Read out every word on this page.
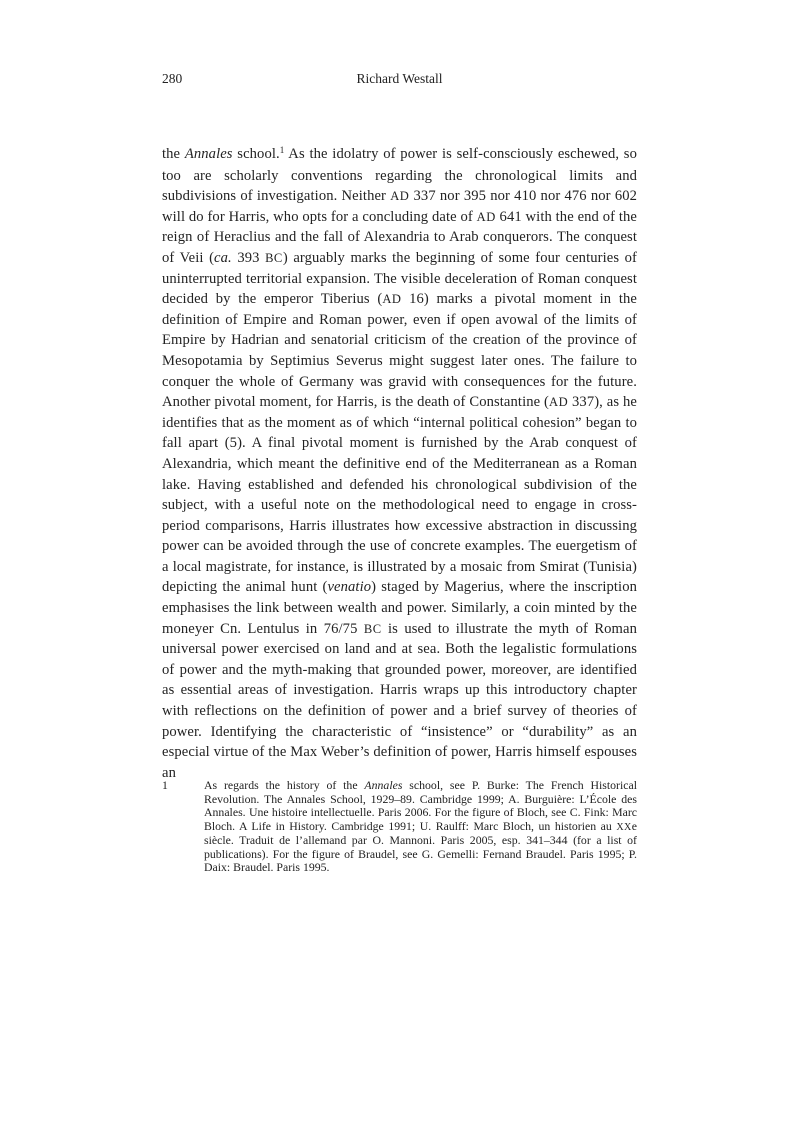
280	Richard Westall
the Annales school.$^1$ As the idolatry of power is self-consciously eschewed, so too are scholarly conventions regarding the chronological limits and subdivisions of investigation. Neither AD 337 nor 395 nor 410 nor 476 nor 602 will do for Harris, who opts for a concluding date of AD 641 with the end of the reign of Heraclius and the fall of Alexandria to Arab conquerors. The conquest of Veii (ca. 393 BC) arguably marks the beginning of some four centuries of uninterrupted territorial expansion. The visible deceleration of Roman conquest decided by the emperor Tiberius (AD 16) marks a pivotal moment in the definition of Empire and Roman power, even if open avowal of the limits of Empire by Hadrian and senatorial criticism of the creation of the province of Mesopotamia by Septimius Severus might suggest later ones. The failure to conquer the whole of Germany was gravid with consequences for the future. Another pivotal moment, for Harris, is the death of Constantine (AD 337), as he identifies that as the moment as of which “internal political cohesion” began to fall apart (5). A final pivotal moment is furnished by the Arab conquest of Alexandria, which meant the definitive end of the Mediterranean as a Roman lake. Having established and defended his chronological subdivision of the subject, with a useful note on the methodological need to engage in cross-period comparisons, Harris illustrates how excessive abstraction in discussing power can be avoided through the use of concrete examples. The euergetism of a local magistrate, for instance, is illustrated by a mosaic from Smirat (Tunisia) depicting the animal hunt (venatio) staged by Magerius, where the inscription emphasises the link between wealth and power. Similarly, a coin minted by the moneyer Cn. Lentulus in 76/75 BC is used to illustrate the myth of Roman universal power exercised on land and at sea. Both the legalistic formulations of power and the myth-making that grounded power, moreover, are identified as essential areas of investigation. Harris wraps up this introductory chapter with reflections on the definition of power and a brief survey of theories of power. Identifying the characteristic of “insistence” or “durability” as an especial virtue of the Max Weber’s definition of power, Harris himself espouses an
1	As regards the history of the Annales school, see P. Burke: The French Historical Revolution. The Annales School, 1929–89. Cambridge 1999; A. Burguière: L’École des Annales. Une histoire intellectuelle. Paris 2006. For the figure of Bloch, see C. Fink: Marc Bloch. A Life in History. Cambridge 1991; U. Raulff: Marc Bloch, un historien au XXe siècle. Traduit de l’allemand par O. Mannoni. Paris 2005, esp. 341–344 (for a list of publications). For the figure of Braudel, see G. Gemelli: Fernand Braudel. Paris 1995; P. Daix: Braudel. Paris 1995.
